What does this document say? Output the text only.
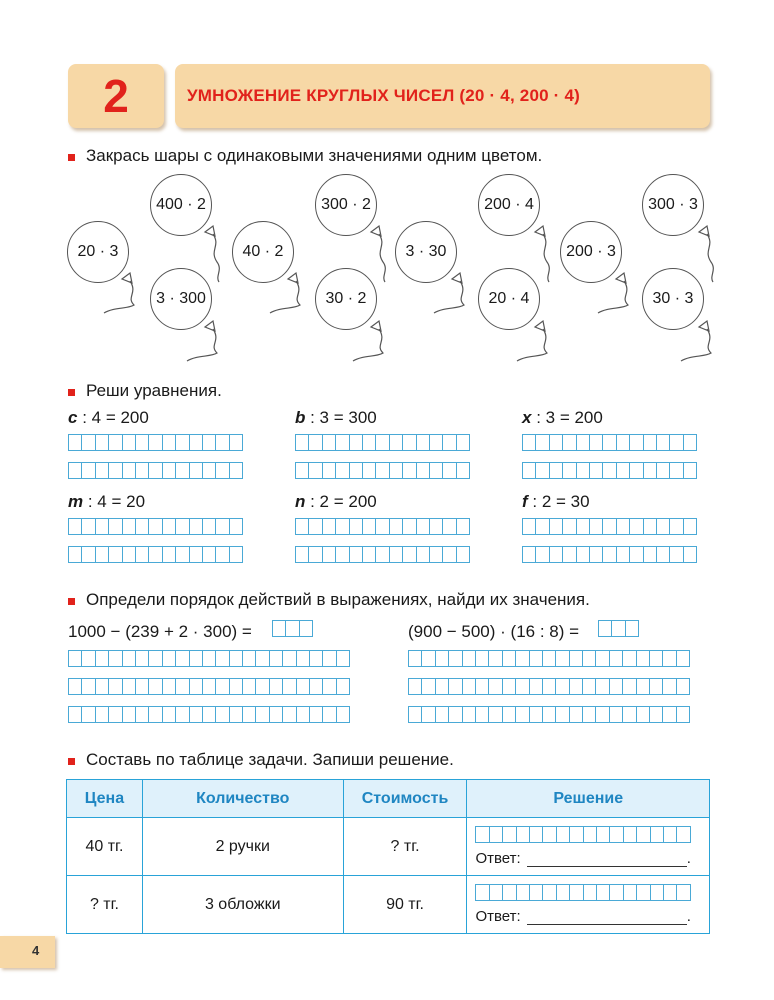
2	УМНОЖЕНИЕ КРУГЛЫХ ЧИСЕЛ (20 · 4, 200 · 4)
Закрась шары с одинаковыми значениями одним цветом.
400 · 2	300 · 2	200 · 4	300 · 3
20 · 3	40 · 2	3 · 30	200 · 3
3 · 300	30 · 2	20 · 4	30 · 3
Реши уравнения.
c : 4 = 200	b : 3 = 300	x : 3 = 200
m : 4 = 20	n : 2 = 200	f : 2 = 30
Определи порядок действий в выражениях, найди их значения.
1000 − (239 + 2 · 300) =	(900 − 500) · (16 : 8) =
Составь по таблице задачи. Запиши решение.
Цена	Количество	Стоимость	Решение
40 тг.	2 ручки	? тг.	Ответ: .

? тг.	3 обложки	90 тг.	Ответ: .
4
